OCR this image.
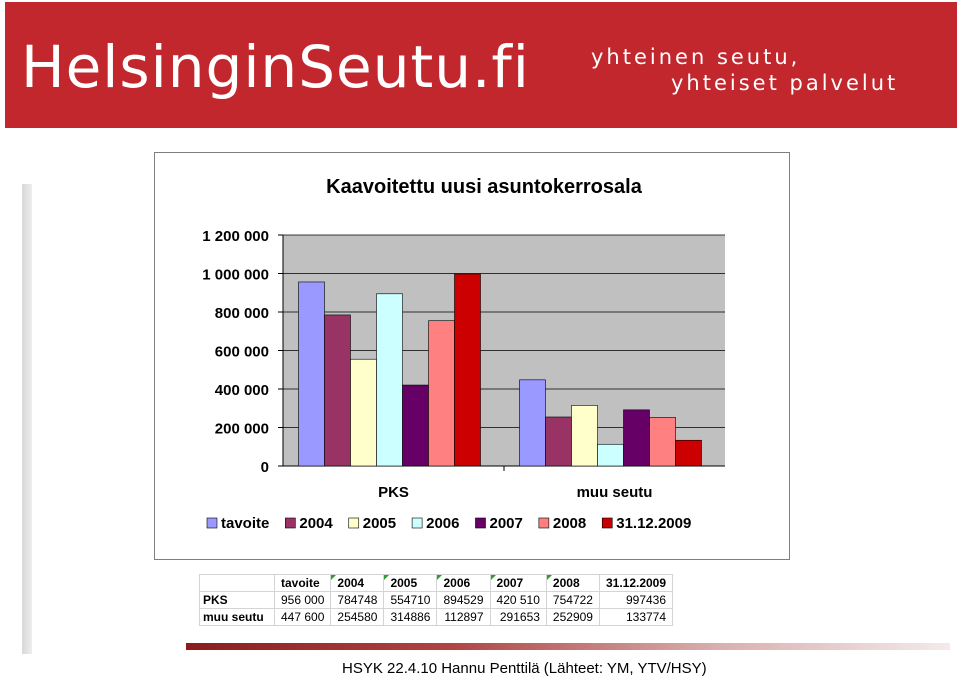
HelsinginSeutu.fi	yhteinen seutu,
yhteiset palvelut
Kaavoitettu uusi asuntokerrosala
0
200 000
400 000
600 000
800 000
1 000 000
1 200 000
PKS	muu seutu
tavoite 2004 2005 2006 2007 2008 31.12.2009
	tavoite	2004	2005	2006	2007	2008	31.12.2009
PKS	956 000	784748	554710	894529	420 510	754722	997436
muu seutu	447 600	254580	314886	112897	291653	252909	133774
HSYK 22.4.10 Hannu Penttilä (Lähteet: YM, YTV/HSY)
